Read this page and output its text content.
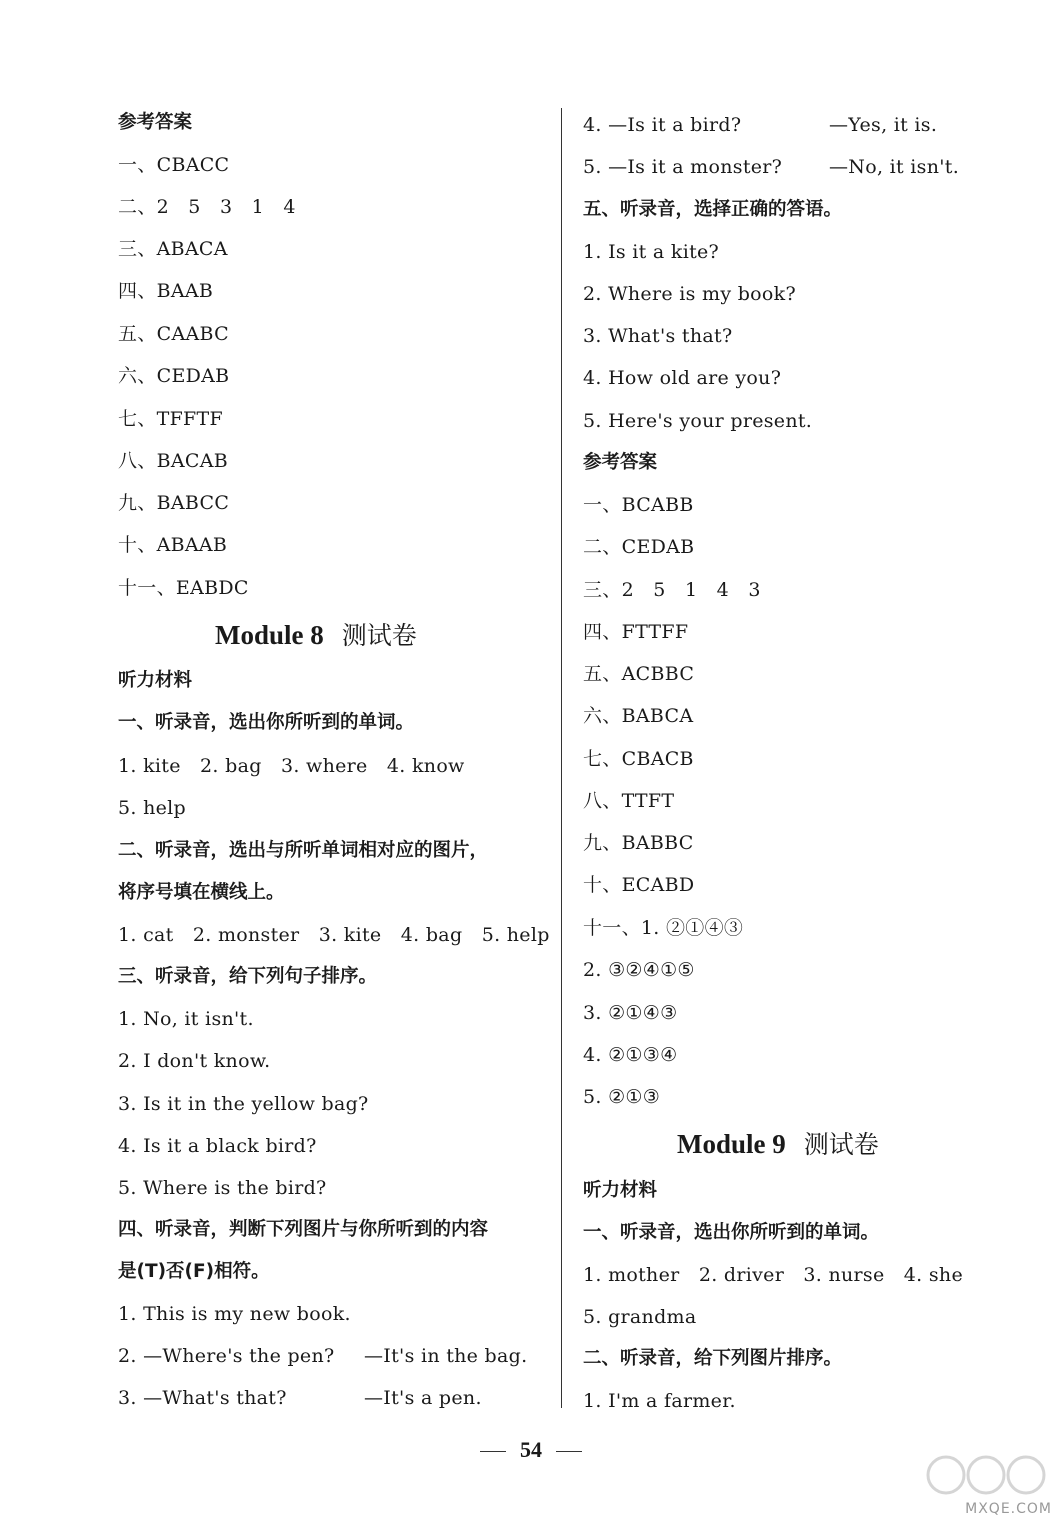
参考答案
一、CBACC
二、2　5　3　1　4
三、ABACA
四、BAAB
五、CAABC
六、CEDAB
七、TFFTF
八、BACAB
九、BABCC
十、ABAAB
十一、EABDC
Module 8 测试卷
听力材料
一、听录音，选出你所听到的单词。
1. kite　2. bag　3. where　4. know
5. help
二、听录音，选出与所听单词相对应的图片，
将序号填在横线上。
1. cat　2. monster　3. kite　4. bag　5. help
三、听录音，给下列句子排序。
1. No, it isn't.
2. I don't know.
3. Is it in the yellow bag?
4. Is it a black bird?
5. Where is the bird?
四、听录音，判断下列图片与你所听到的内容
是(T)否(F)相符。
1. This is my new book.
2. —Where's the pen? —It's in the bag.
3. —What's that?	—It's a pen.
4. —Is it a bird?	—Yes, it is.
5. —Is it a monster? —No, it isn't.
五、听录音，选择正确的答语。
1. Is it a kite?
2. Where is my book?
3. What's that?
4. How old are you?
5. Here's your present.
参考答案
一、BCABB
二、CEDAB
三、2　5　1　4　3
四、FTTFF
五、ACBBC
六、BABCA
七、CBACB
八、TTFT
九、BABBC
十、ECABD
十一、1. ②①④③
2. ③②④①⑤
3. ②①④③
4. ②①③④
5. ②①③
Module 9 测试卷
听力材料
一、听录音，选出你所听到的单词。
1. mother　2. driver　3. nurse　4. she
5. grandma
二、听录音，给下列图片排序。
1. I'm a farmer.
54
MXQE.COM
